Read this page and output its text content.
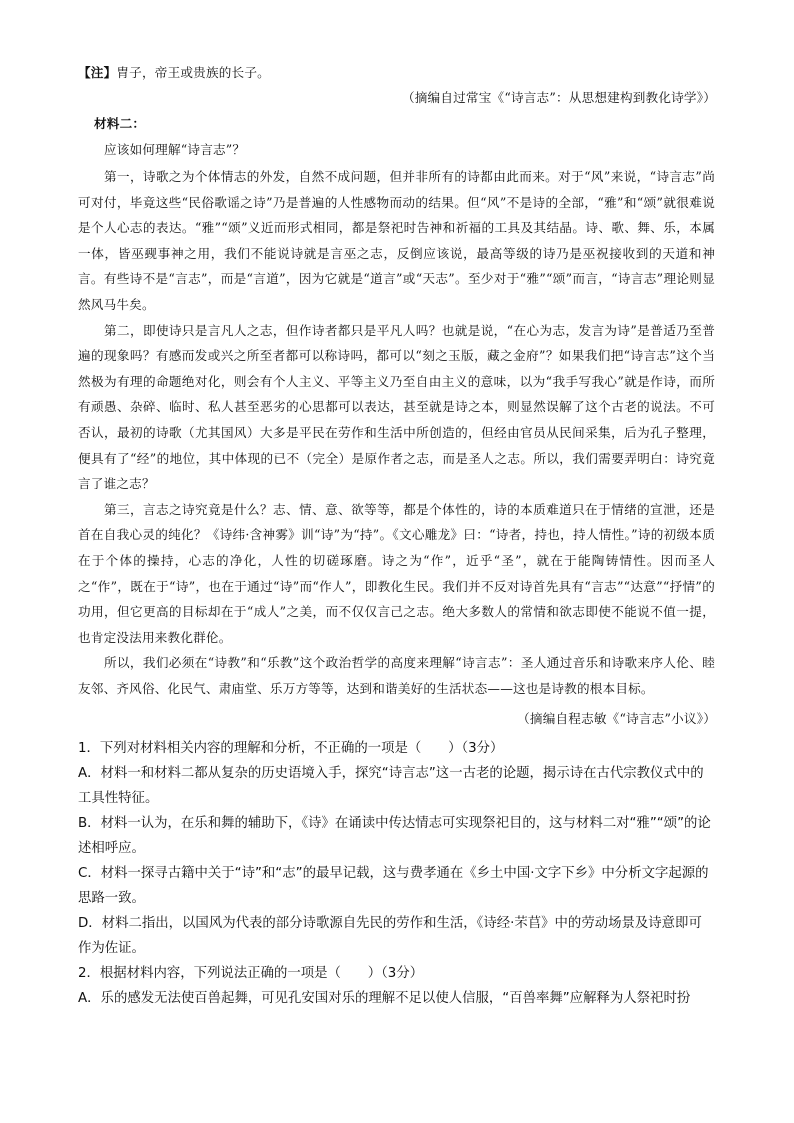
【注】胄子，帝王或贵族的长子。
（摘编自过常宝《“诗言志”：从思想建构到教化诗学》）
材料二：

应该如何理解“诗言志”？

第一，诗歌之为个体情志的外发，自然不成问题，但并非所有的诗都由此而来。对于“风”来说，“诗言志”尚可对付，毕竟这些“民俗歌谣之诗”乃是普遍的人性感物而动的结果。但“风”不是诗的全部，“雅”和“颂”就很难说是个人心志的表达。“雅”“颂”义近而形式相同，都是祭祀时告神和祈福的工具及其结晶。诗、歌、舞、乐，本属一体，皆巫觋事神之用，我们不能说诗就是言巫之志，反倒应该说，最高等级的诗乃是巫祝接收到的天道和神言。有些诗不是“言志”，而是“言道”，因为它就是“道言”或“天志”。至少对于“雅”“颂”而言，“诗言志”理论则显然风马牛矣。

第二，即使诗只是言凡人之志，但作诗者都只是平凡人吗？也就是说，“在心为志，发言为诗”是普适乃至普遍的现象吗？有感而发或兴之所至者都可以称诗吗，都可以“刻之玉版，藏之金府”？如果我们把“诗言志”这个当然极为有理的命题绝对化，则会有个人主义、平等主义乃至自由主义的意味，以为“我手写我心”就是作诗，而所有顽愚、杂碎、临时、私人甚至恶劣的心思都可以表达，甚至就是诗之本，则显然误解了这个古老的说法。不可否认，最初的诗歌（尤其国风）大多是平民在劳作和生活中所创造的，但经由官员从民间采集，后为孔子整理，便具有了“经”的地位，其中体现的已不（完全）是原作者之志，而是圣人之志。所以，我们需要弄明白：诗究竟言了谁之志？

第三，言志之诗究竟是什么？志、情、意、欲等等，都是个体性的，诗的本质难道只在于情绪的宣泄，还是首在自我心灵的纯化？《诗纬·含神雾》训“诗”为“持”。《文心雕龙》曰：“诗者，持也，持人情性。”诗的初级本质在于个体的操持，心志的净化，人性的切磋琢磨。诗之为“作”，近乎“圣”，就在于能陶铸情性。因而圣人之“作”，既在于“诗”，也在于通过“诗”而“作人”，即教化生民。我们并不反对诗首先具有“言志”“达意”“抒情”的功用，但它更高的目标却在于“成人”之美，而不仅仅言己之志。绝大多数人的常情和欲志即使不能说不值一提，也肯定没法用来教化群伦。

所以，我们必须在“诗教”和“乐教”这个政治哲学的高度来理解“诗言志”：圣人通过音乐和诗歌来序人伦、睦友邻、齐风俗、化民气、肃庙堂、乐万方等等，达到和谐美好的生活状态——这也是诗教的根本目标。

（摘编自程志敏《“诗言志”小议》）

1．下列对材料相关内容的理解和分析，不正确的一项是（　　）（3分）

A．材料一和材料二都从复杂的历史语境入手，探究“诗言志”这一古老的论题，揭示诗在古代宗教仪式中的工具性特征。

B．材料一认为，在乐和舞的辅助下，《诗》在诵读中传达情志可实现祭祀目的，这与材料二对“雅”“颂”的论述相呼应。

C．材料一探寻古籍中关于“诗”和“志”的最早记载，这与费孝通在《乡土中国·文字下乡》中分析文字起源的思路一致。

D．材料二指出，以国风为代表的部分诗歌源自先民的劳作和生活，《诗经·芣苢》中的劳动场景及诗意即可作为佐证。

2．根据材料内容，下列说法正确的一项是（　　）（3分）

A．乐的感发无法使百兽起舞，可见孔安国对乐的理解不足以使人信服，“百兽率舞”应解释为人祭祀时扮
